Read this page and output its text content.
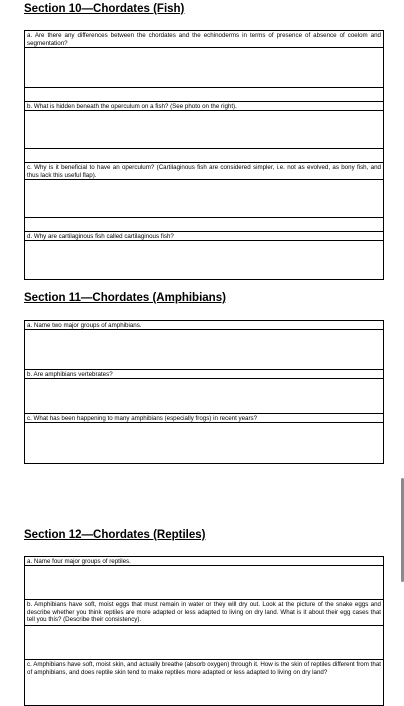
Section 10—Chordates (Fish)
a. Are there any differences between the chordates and the echinoderms in terms of presence of absence of coelom and segmentation?
b. What is hidden beneath the operculum on a fish? (See photo on the right).
c. Why is it beneficial to have an operculum? (Cartilaginous fish are considered simpler, i.e. not as evolved, as bony fish, and thus lack this useful flap).
d. Why are cartilaginous fish called cartilaginous fish?
Section 11—Chordates (Amphibians)
a. Name two major groups of amphibians.
b. Are amphibians vertebrates?
c. What has been happening to many amphibians (especially frogs) in recent years?
Section 12—Chordates (Reptiles)
a. Name four major groups of reptiles.
b. Amphibians have soft, moist eggs that must remain in water or they will dry out. Look at the picture of the snake eggs and describe whether you think reptiles are more adapted or less adapted to living on dry land. What is it about their egg cases that tell you this? (Describe their consistency).
c. Amphibians have soft, moist skin, and actually breathe (absorb oxygen) through it. How is the skin of reptiles different from that of amphibians, and does reptile skin tend to make reptiles more adapted or less adapted to living on dry land?
